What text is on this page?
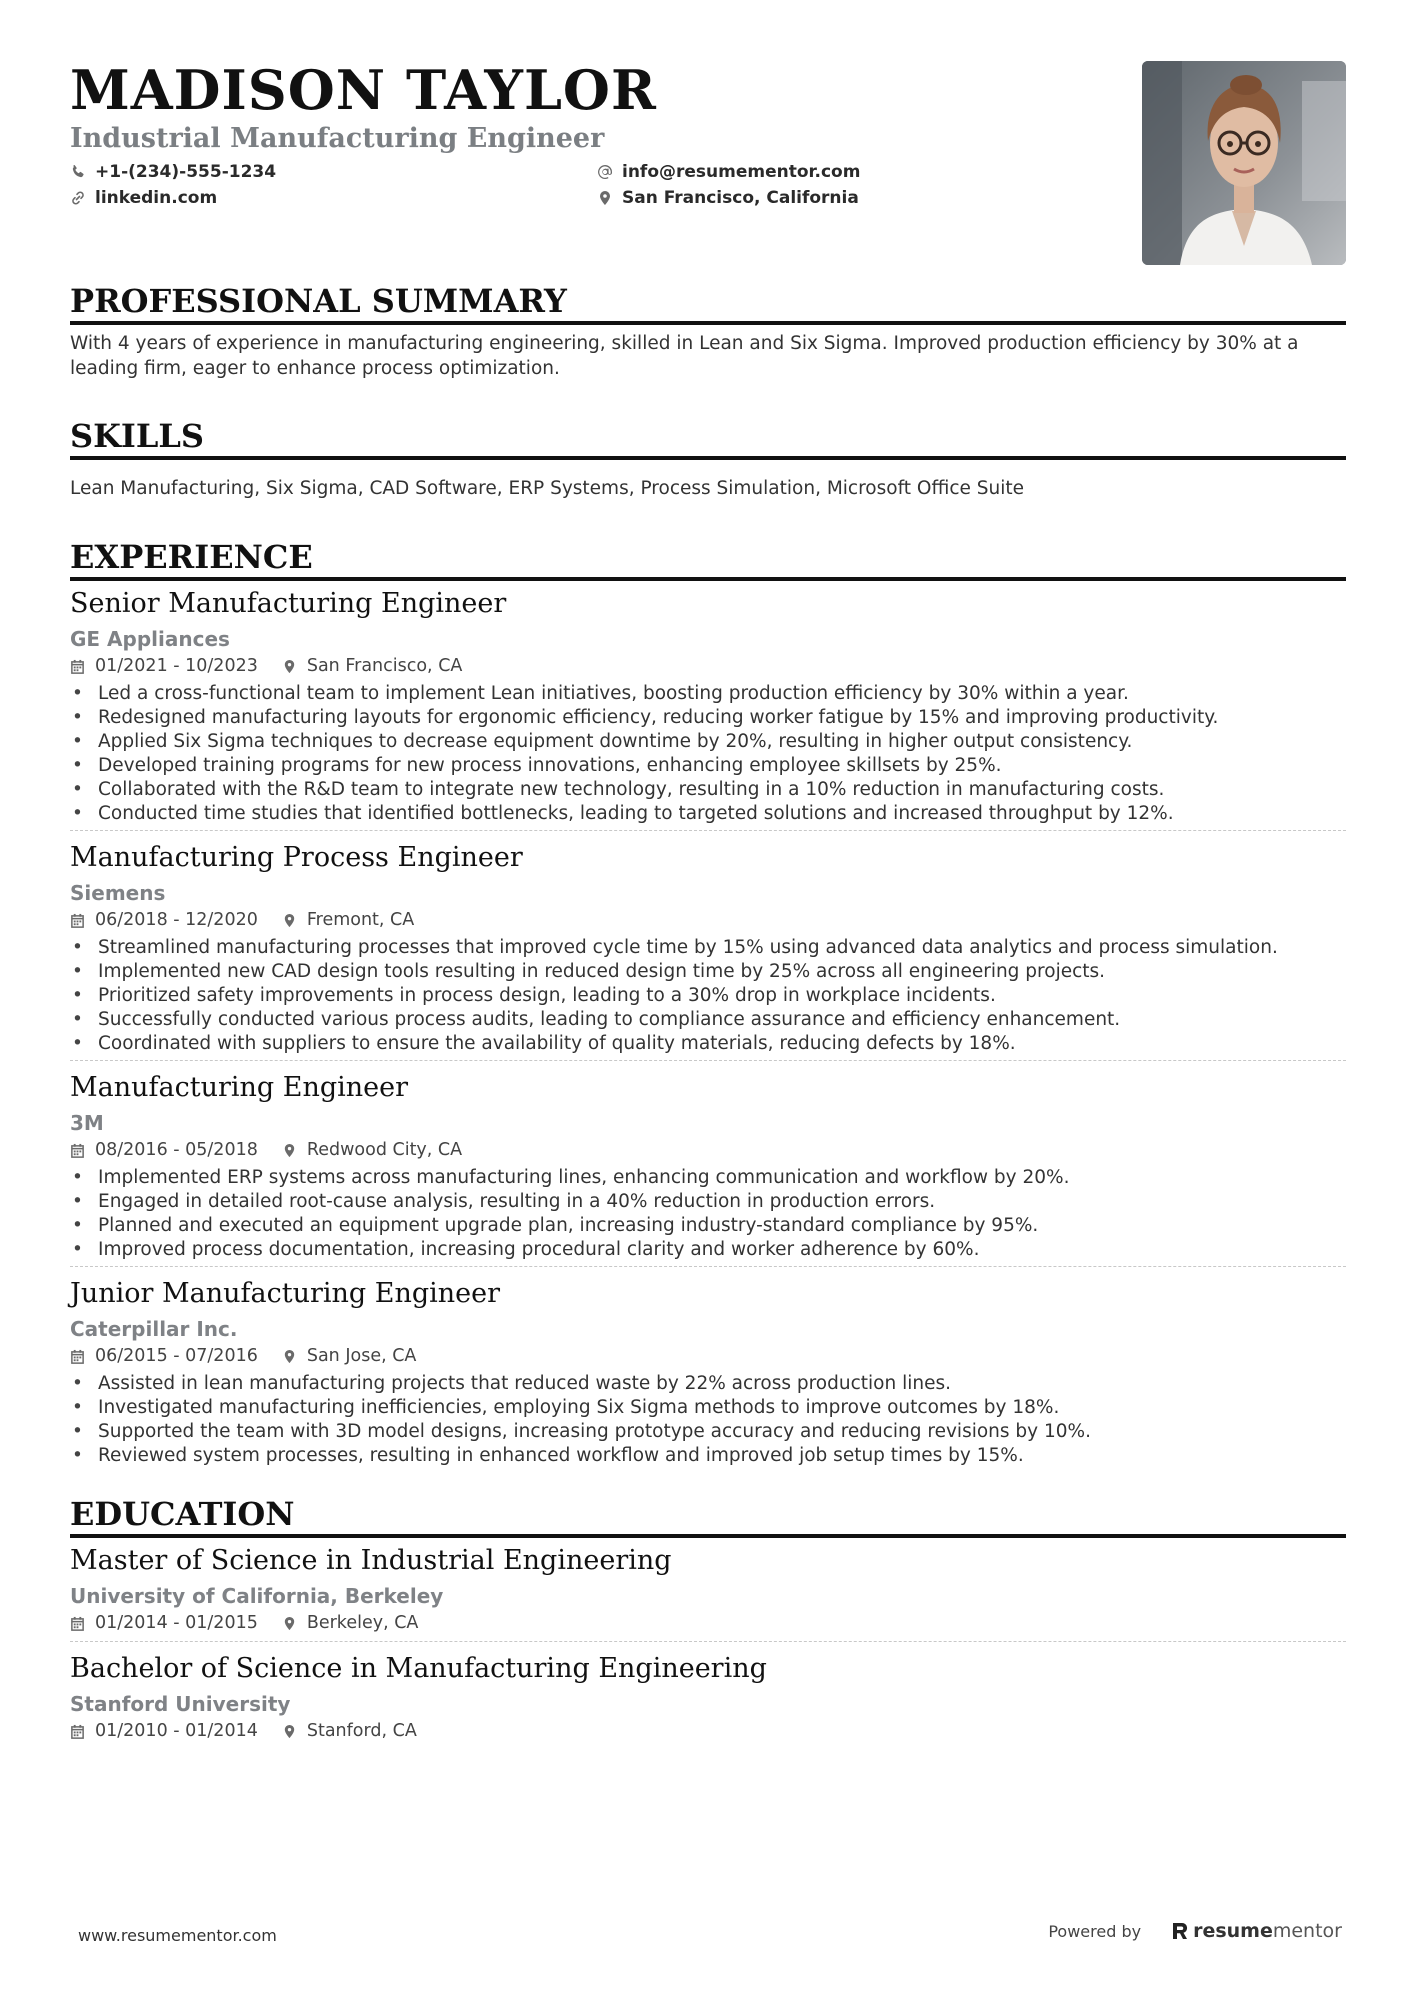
MADISON TAYLOR
Industrial Manufacturing Engineer
+1-(234)-555-1234	info@resumementor.com
linkedin.com	San Francisco, California
PROFESSIONAL SUMMARY
With 4 years of experience in manufacturing engineering, skilled in Lean and Six Sigma. Improved production efficiency by 30% at a leading firm, eager to enhance process optimization.
SKILLS
Lean Manufacturing, Six Sigma, CAD Software, ERP Systems, Process Simulation, Microsoft Office Suite
EXPERIENCE
Senior Manufacturing Engineer
GE Appliances
01/2021 - 10/2023	San Francisco, CA
• Led a cross-functional team to implement Lean initiatives, boosting production efficiency by 30% within a year.
• Redesigned manufacturing layouts for ergonomic efficiency, reducing worker fatigue by 15% and improving productivity.
• Applied Six Sigma techniques to decrease equipment downtime by 20%, resulting in higher output consistency.
• Developed training programs for new process innovations, enhancing employee skillsets by 25%.
• Collaborated with the R&D team to integrate new technology, resulting in a 10% reduction in manufacturing costs.
• Conducted time studies that identified bottlenecks, leading to targeted solutions and increased throughput by 12%.
Manufacturing Process Engineer
Siemens
06/2018 - 12/2020	Fremont, CA
• Streamlined manufacturing processes that improved cycle time by 15% using advanced data analytics and process simulation.
• Implemented new CAD design tools resulting in reduced design time by 25% across all engineering projects.
• Prioritized safety improvements in process design, leading to a 30% drop in workplace incidents.
• Successfully conducted various process audits, leading to compliance assurance and efficiency enhancement.
• Coordinated with suppliers to ensure the availability of quality materials, reducing defects by 18%.
Manufacturing Engineer
3M
08/2016 - 05/2018	Redwood City, CA
• Implemented ERP systems across manufacturing lines, enhancing communication and workflow by 20%.
• Engaged in detailed root-cause analysis, resulting in a 40% reduction in production errors.
• Planned and executed an equipment upgrade plan, increasing industry-standard compliance by 95%.
• Improved process documentation, increasing procedural clarity and worker adherence by 60%.
Junior Manufacturing Engineer
Caterpillar Inc.
06/2015 - 07/2016	San Jose, CA
• Assisted in lean manufacturing projects that reduced waste by 22% across production lines.
• Investigated manufacturing inefficiencies, employing Six Sigma methods to improve outcomes by 18%.
• Supported the team with 3D model designs, increasing prototype accuracy and reducing revisions by 10%.
• Reviewed system processes, resulting in enhanced workflow and improved job setup times by 15%.
EDUCATION
Master of Science in Industrial Engineering
University of California, Berkeley
01/2014 - 01/2015	Berkeley, CA
Bachelor of Science in Manufacturing Engineering
Stanford University
01/2010 - 01/2014	Stanford, CA
www.resumementor.com	Powered by	resume mentor
